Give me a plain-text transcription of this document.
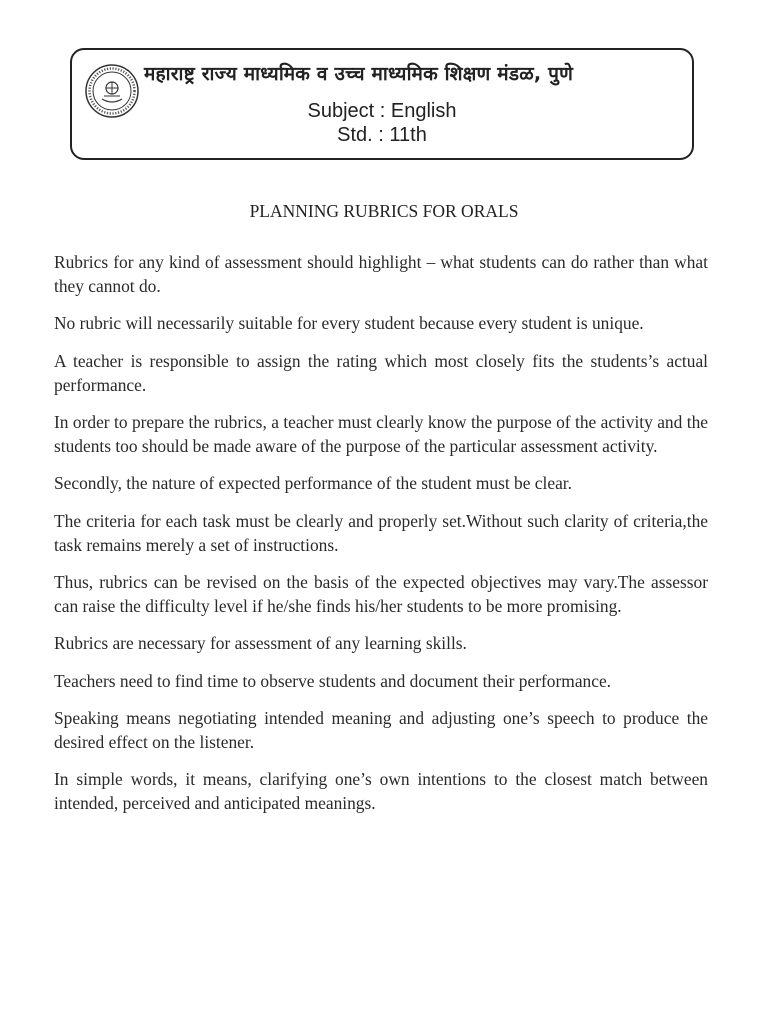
महाराष्ट्र राज्य माध्यमिक व उच्च माध्यमिक शिक्षण मंडळ, पुणे
Subject : English
Std. : 11th
PLANNING RUBRICS FOR ORALS

Rubrics for any kind of assessment should highlight – what students can do rather than what they cannot do.

No rubric will necessarily suitable for every student because every student is unique.

A teacher is responsible to assign the rating which most closely fits the students’s actual performance.

In order to prepare the rubrics, a teacher must clearly know the purpose of the activity and the students too should be made aware of the purpose of the particular assessment activity.

Secondly, the nature of expected performance of the student must be clear.

The criteria for each task must be clearly and properly set.Without such clarity of criteria,the task remains merely a set of instructions.

Thus, rubrics can be revised on the basis of the expected objectives may vary.The assessor can raise the difficulty level if he/she finds his/her students to be more promising.

Rubrics are necessary for assessment of any learning skills.

Teachers need to find time to observe students and document their performance.

Speaking means negotiating intended meaning and adjusting one’s speech to produce the desired effect on the listener.

In simple words, it means, clarifying one’s own intentions to the closest match between intended, perceived and anticipated meanings.
